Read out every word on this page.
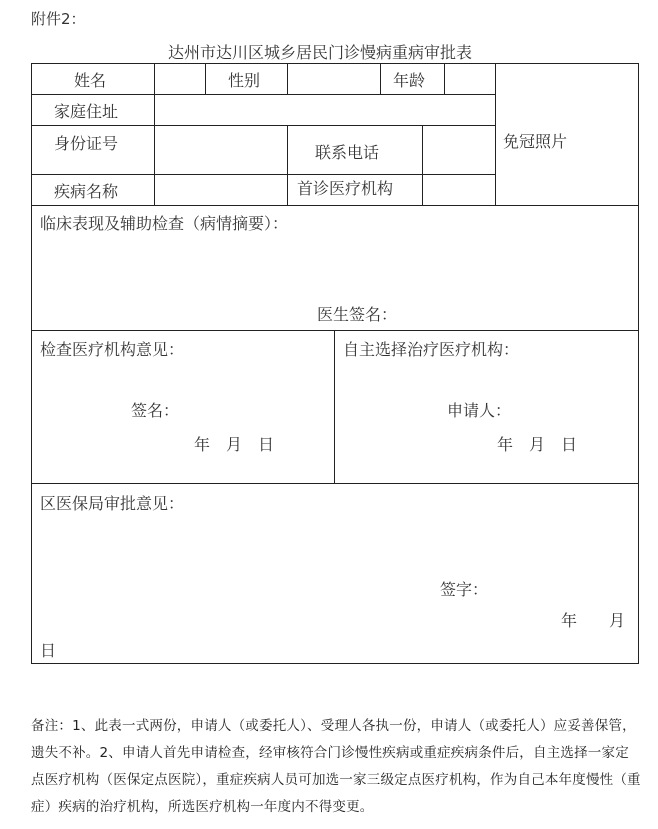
附件2：
达州市达川区城乡居民门诊慢病重病审批表
姓名	性别	年龄
家庭住址
身份证号	联系电话
疾病名称	首诊医疗机构
免冠照片
临床表现及辅助检查（病情摘要）：
医生签名：
检查医疗机构意见：
签名：
年　月　日
自主选择治疗医疗机构：
申请人：
年　月　日
区医保局审批意见：
签字：
年　　月
日
备注：1、此表一式两份，申请人（或委托人）、受理人各执一份，申请人（或委托人）应妥善保管，遗失不补。2、申请人首先申请检查，经审核符合门诊慢性疾病或重症疾病条件后，自主选择一家定点医疗机构（医保定点医院），重症疾病人员可加选一家三级定点医疗机构，作为自己本年度慢性（重症）疾病的治疗机构，所选医疗机构一年度内不得变更。
